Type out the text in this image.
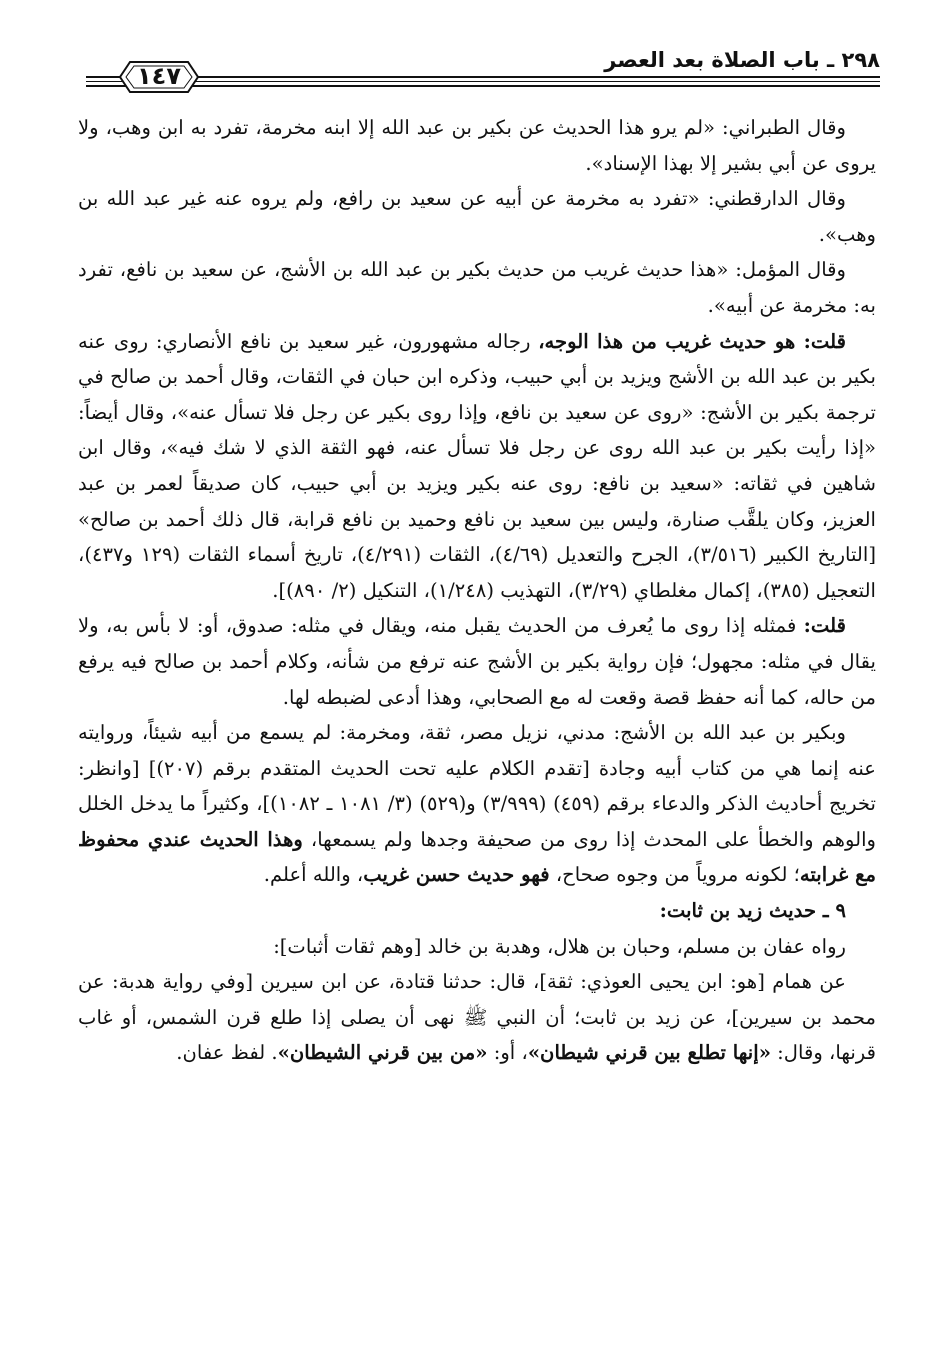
٢٩٨ ـ باب الصلاة بعد العصر
١٤٧

وقال الطبراني: «لم يرو هذا الحديث عن بكير بن عبد الله إلا ابنه مخرمة، تفرد به ابن وهب، ولا يروى عن أبي بشير إلا بهذا الإسناد».

وقال الدارقطني: «تفرد به مخرمة عن أبيه عن سعيد بن رافع، ولم يروه عنه غير عبد الله بن وهب».

وقال المؤمل: «هذا حديث غريب من حديث بكير بن عبد الله بن الأشج، عن سعيد بن نافع، تفرد به: مخرمة عن أبيه».

قلت: هو حديث غريب من هذا الوجه، رجاله مشهورون، غير سعيد بن نافع الأنصاري: روى عنه بكير بن عبد الله بن الأشج ويزيد بن أبي حبيب، وذكره ابن حبان في الثقات، وقال أحمد بن صالح في ترجمة بكير بن الأشج: «روى عن سعيد بن نافع، وإذا روى بكير عن رجل فلا تسأل عنه»، وقال أيضاً: «إذا رأيت بكير بن عبد الله روى عن رجل فلا تسأل عنه، فهو الثقة الذي لا شك فيه»، وقال ابن شاهين في ثقاته: «سعيد بن نافع: روى عنه بكير ويزيد بن أبي حبيب، كان صديقاً لعمر بن عبد العزيز، وكان يلقَّب صنارة، وليس بين سعيد بن نافع وحميد بن نافع قرابة، قال ذلك أحمد بن صالح» [التاريخ الكبير (٣/٥١٦)، الجرح والتعديل (٤/٦٩)، الثقات (٤/٢٩١)، تاريخ أسماء الثقات (١٢٩ و٤٣٧)، التعجيل (٣٨٥)، إكمال مغلطاي (٣/٢٩)، التهذيب (١/٢٤٨)، التنكيل (٢/ ٨٩٠)].

قلت: فمثله إذا روى ما يُعرف من الحديث يقبل منه، ويقال في مثله: صدوق، أو: لا بأس به، ولا يقال في مثله: مجهول؛ فإن رواية بكير بن الأشج عنه ترفع من شأنه، وكلام أحمد بن صالح فيه يرفع من حاله، كما أنه حفظ قصة وقعت له مع الصحابي، وهذا أدعى لضبطه لها.

وبكير بن عبد الله بن الأشج: مدني، نزيل مصر، ثقة، ومخرمة: لم يسمع من أبيه شيئاً، وروايته عنه إنما هي من كتاب أبيه وجادة [تقدم الكلام عليه تحت الحديث المتقدم برقم (٢٠٧)] [وانظر: تخريج أحاديث الذكر والدعاء برقم (٤٥٩) (٣/٩٩٩) و(٥٢٩) (٣/ ١٠٨١ ـ ١٠٨٢)]، وكثيراً ما يدخل الخلل والوهم والخطأ على المحدث إذا روى من صحيفة وجدها ولم يسمعها، وهذا الحديث عندي محفوظ مع غرابته؛ لكونه مروياً من وجوه صحاح، فهو حديث حسن غريب، والله أعلم.

٩ ـ حديث زيد بن ثابت:

رواه عفان بن مسلم، وحبان بن هلال، وهدبة بن خالد [وهم ثقات أثبات]:

عن همام [هو: ابن يحيى العوذي: ثقة]، قال: حدثنا قتادة، عن ابن سيرين [وفي رواية هدبة: عن محمد بن سيرين]، عن زيد بن ثابت؛ أن النبي ﷺ نهى أن يصلى إذا طلع قرن الشمس، أو غاب قرنها، وقال: «إنها تطلع بين قرني شيطان»، أو: «من بين قرني الشيطان». لفظ عفان.
